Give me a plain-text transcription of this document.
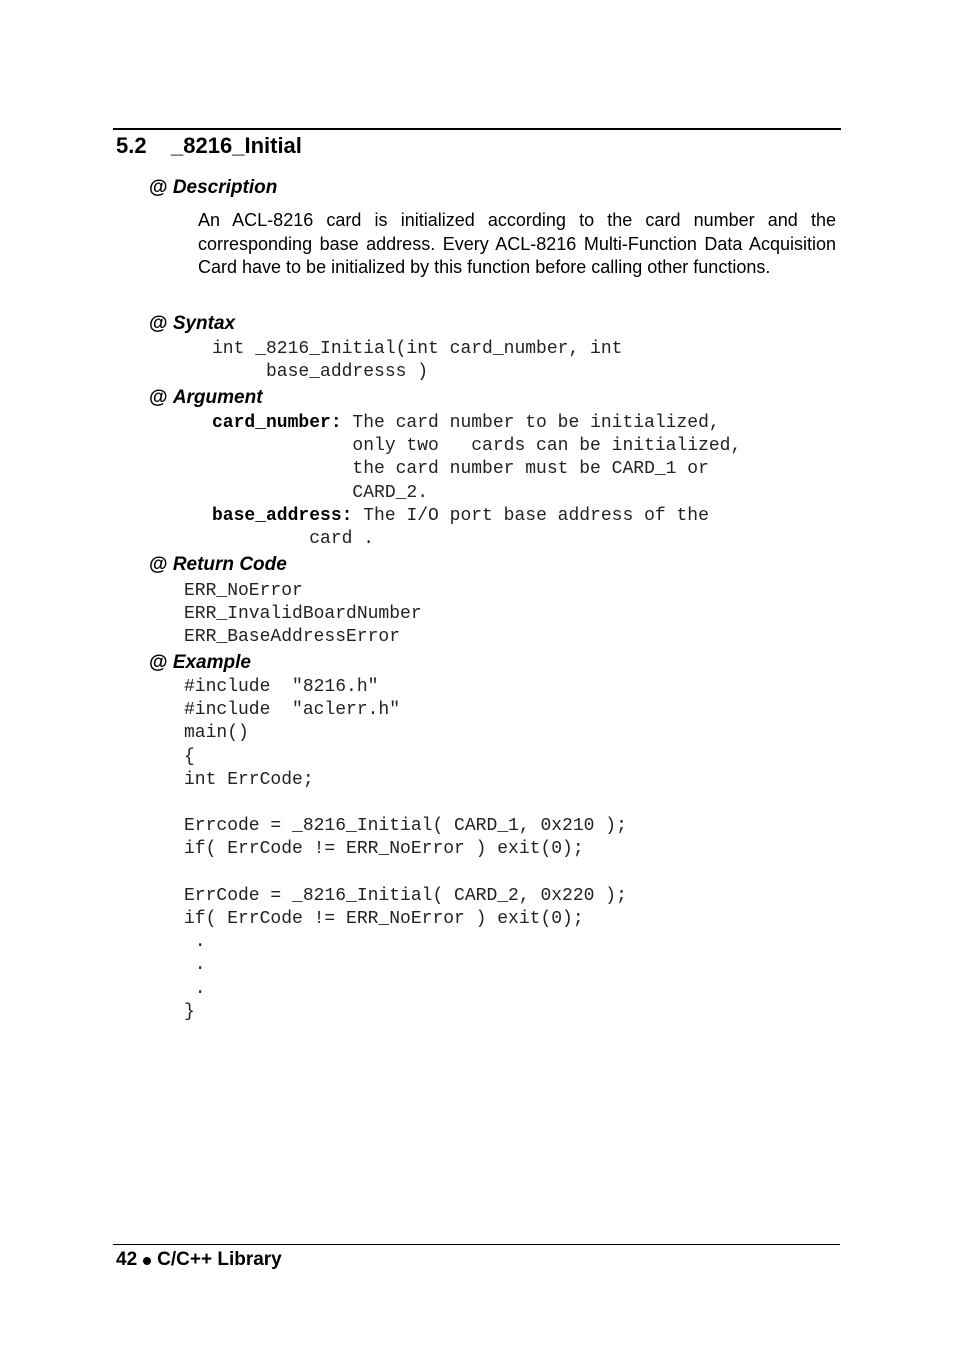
5.2 _8216_Initial
@ Description
An ACL-8216 card is initialized according to the card number and the corresponding base address. Every ACL-8216 Multi-Function Data Acquisition Card have to be initialized by this function before calling other functions.
@ Syntax
int _8216_Initial(int card_number, int
base_addresss )
@ Argument
card_number: The card number to be initialized,
only two   cards can be initialized,
the card number must be CARD_1 or
CARD_2.
base_address: The I/O port base address of the
card .
@ Return Code
ERR_NoError
ERR_InvalidBoardNumber
ERR_BaseAddressError
@ Example
#include  "8216.h"
#include  "aclerr.h"
main()
{
int ErrCode;
Errcode = _8216_Initial( CARD_1, 0x210 );
if( ErrCode != ERR_NoError ) exit(0);
ErrCode = _8216_Initial( CARD_2, 0x220 );
if( ErrCode != ERR_NoError ) exit(0);
.
.
.
}
42 C/C++ Library
